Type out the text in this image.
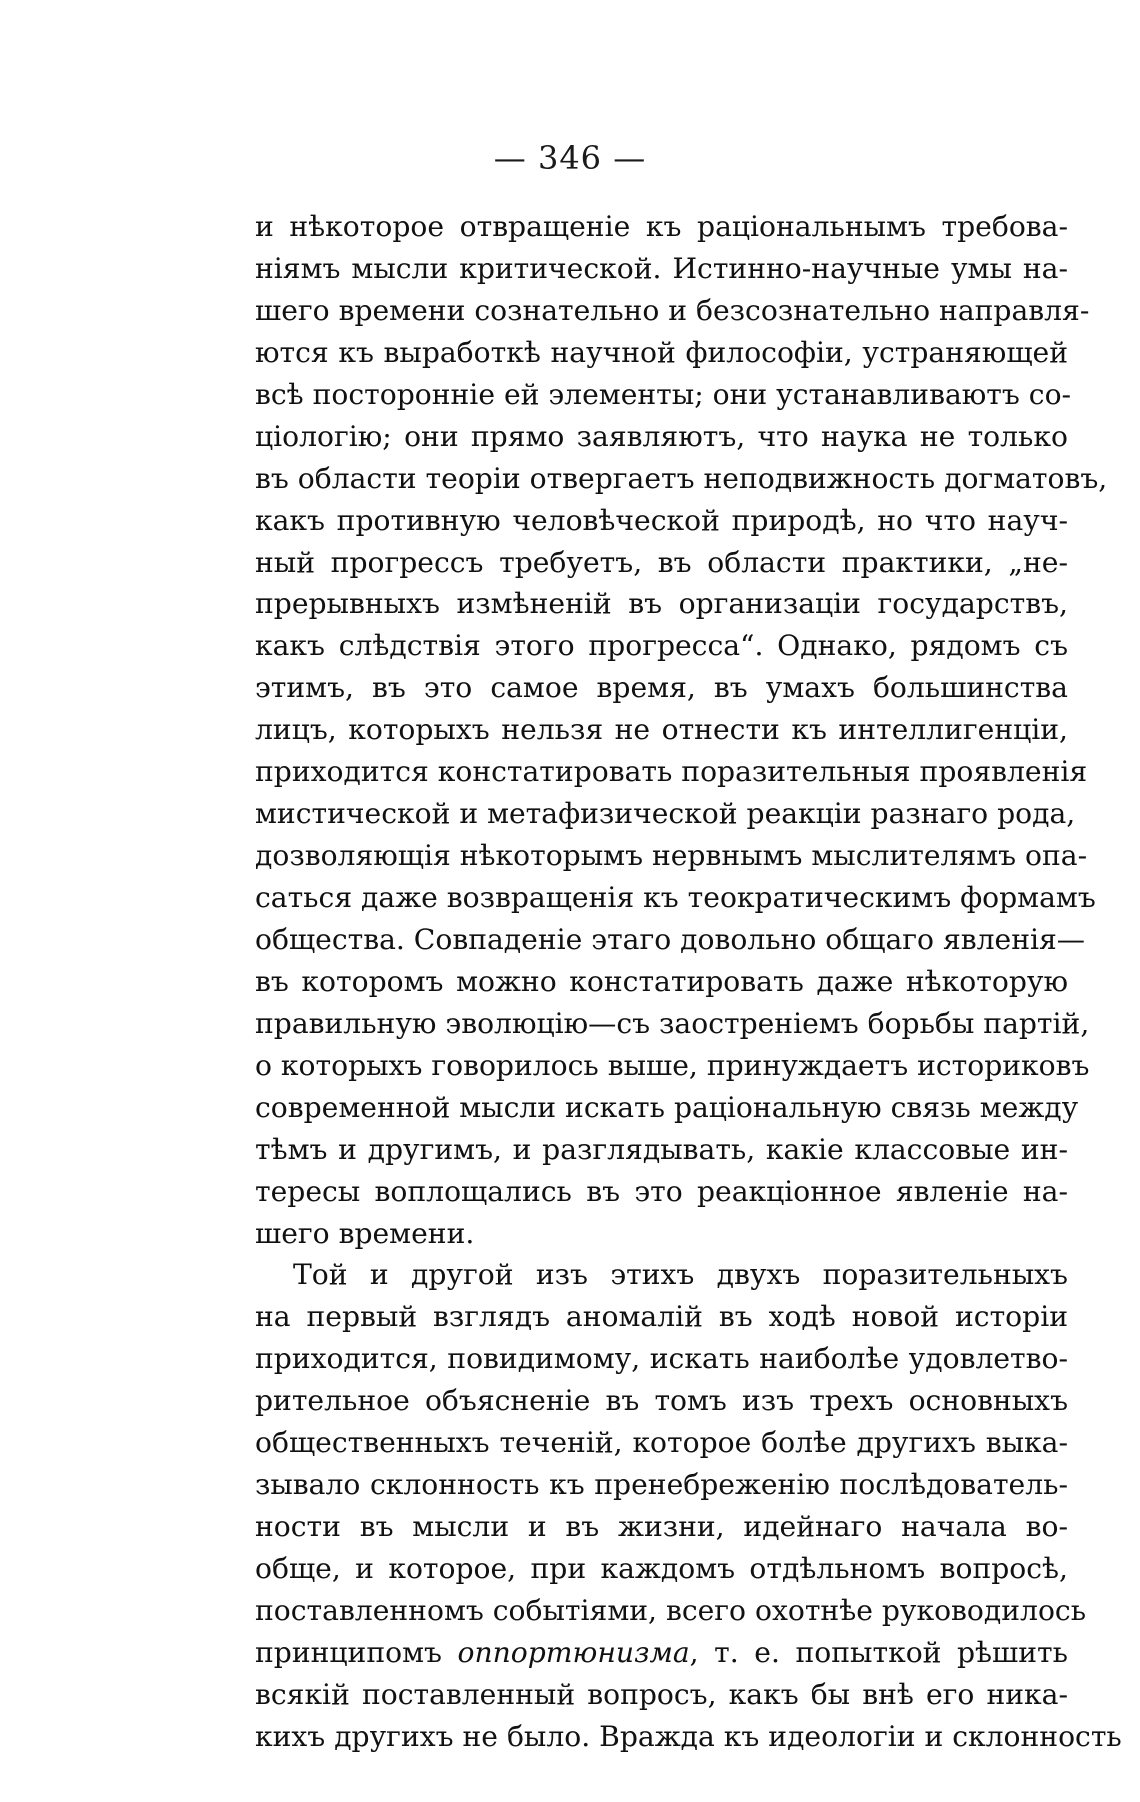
— 346 —
и нѣкоторое отвращеніе къ раціональнымъ требова-
ніямъ мысли критической. Истинно-научные умы на-
шего времени сознательно и безсознательно направля-
ются къ выработкѣ научной философіи, устраняющей
всѣ посторонніе ей элементы; они устанавливаютъ со-
ціологію; они прямо заявляютъ, что наука не только
въ области теоріи отвергаетъ неподвижность догматовъ,
какъ противную человѣческой природѣ, но что науч-
ный прогрессъ требуетъ, въ области практики, „не-
прерывныхъ измѣненій въ организаціи государствъ,
какъ слѣдствія этого прогресса“. Однако, рядомъ съ
этимъ, въ это самое время, въ умахъ большинства
лицъ, которыхъ нельзя не отнести къ интеллигенціи,
приходится констатировать поразительныя проявленія
мистической и метафизической реакціи разнаго рода,
дозволяющія нѣкоторымъ нервнымъ мыслителямъ опа-
саться даже возвращенія къ теократическимъ формамъ
общества. Совпаденіе этаго довольно общаго явленія—
въ которомъ можно констатировать даже нѣкоторую
правильную эволюцію—съ заостреніемъ борьбы партій,
о которыхъ говорилось выше, принуждаетъ историковъ
современной мысли искать раціональную связь между
тѣмъ и другимъ, и разглядывать, какіе классовые ин-
тересы воплощались въ это реакціонное явленіе на-
шего времени.
Той и другой изъ этихъ двухъ поразительныхъ
на первый взглядъ аномалій въ ходѣ новой исторіи
приходится, повидимому, искать наиболѣе удовлетво-
рительное объясненіе въ томъ изъ трехъ основныхъ
общественныхъ теченій, которое болѣе другихъ выка-
зывало склонность къ пренебреженію послѣдователь-
ности въ мысли и въ жизни, идейнаго начала во-
обще, и которое, при каждомъ отдѣльномъ вопросѣ,
поставленномъ событіями, всего охотнѣе руководилось
принципомъ оппортюнизма, т. е. попыткой рѣшить
всякій поставленный вопросъ, какъ бы внѣ его ника-
кихъ другихъ не было. Вражда къ идеологіи и склонность
